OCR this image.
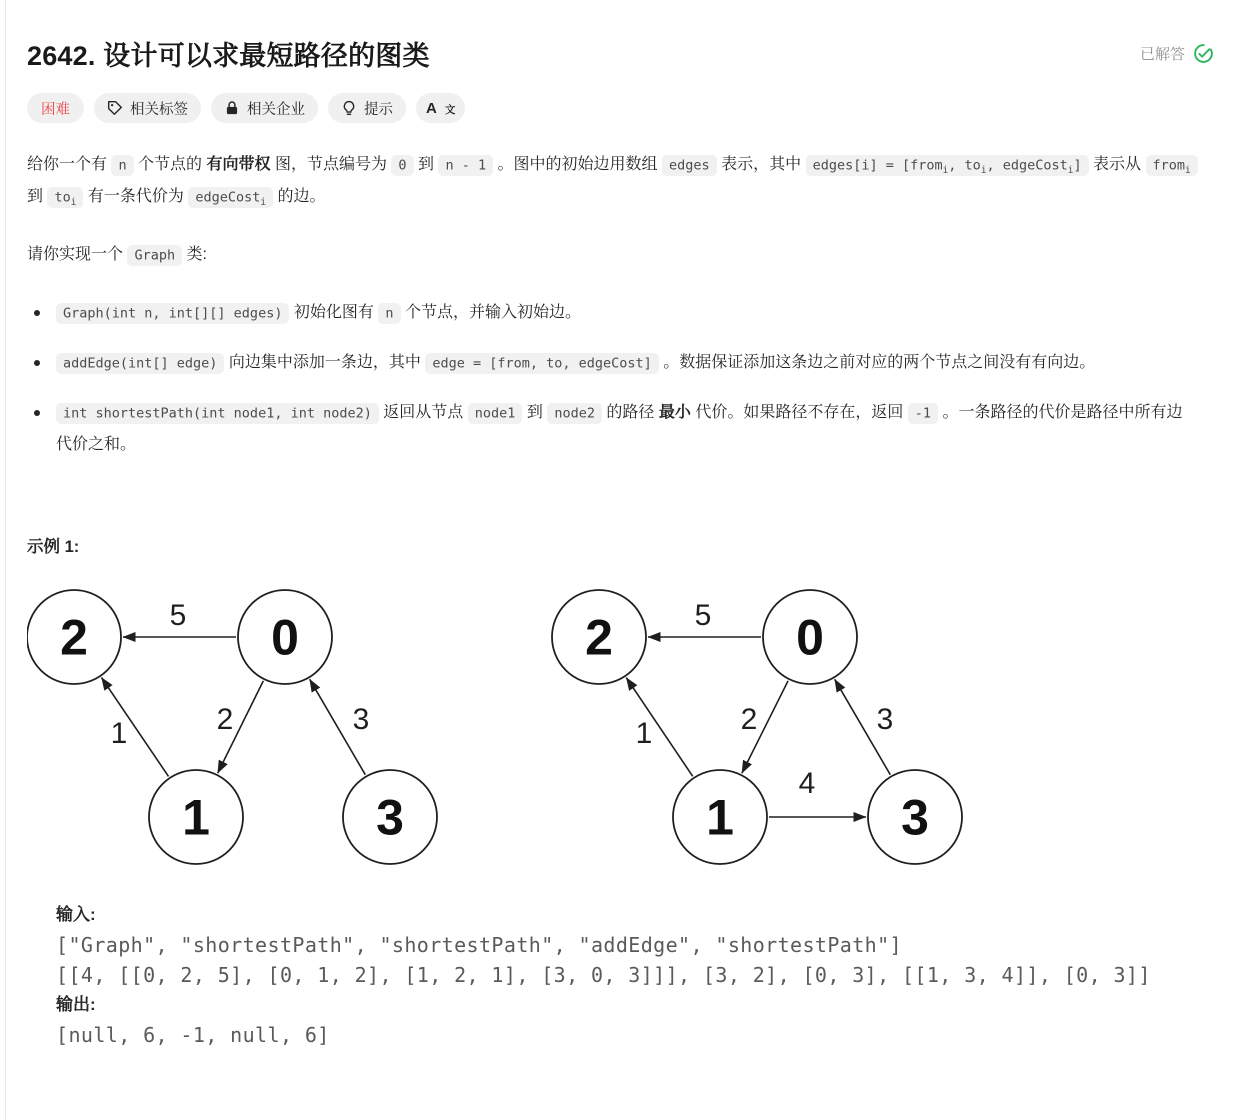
2642. 设计可以求最短路径的图类	已解答
困难	相关标签	相关企业	提示 A 文

给你一个有 n 个节点的 有向带权 图，节点编号为 0 到 n - 1 。图中的初始边用数组 edges 表示，其中 edges[i] = [from$_i$, $to_i$, edgeCost$_i$] 表示从 from$_i$ 到 $to_i$ 有一条代价为 edgeCost$_i$ 的边。

请你实现一个 Graph 类:

Graph(int n, int[][] edges) 初始化图有 n 个节点，并输入初始边。
addEdge(int[] edge) 向边集中添加一条边，其中 edge = [from, to, edgeCost] 。数据保证添加这条边之前对应的两个节点之间没有有向边。
int shortestPath(int node1, int node2) 返回从节点 node1 到 node2 的路径 最小 代价。如果路径不存在，返回 -1 。一条路径的代价是路径中所有边代价之和。
示例 1:
5
1	2	3
2	0
1	3
5
1	2	3
4
2	0
1	3
输入:
["Graph", "shortestPath", "shortestPath", "addEdge", "shortestPath"]
[[4, [[0, 2, 5], [0, 1, 2], [1, 2, 1], [3, 0, 3]]], [3, 2], [0, 3], [[1, 3, 4]], [0, 3]]
输出:
[null, 6, -1, null, 6]
